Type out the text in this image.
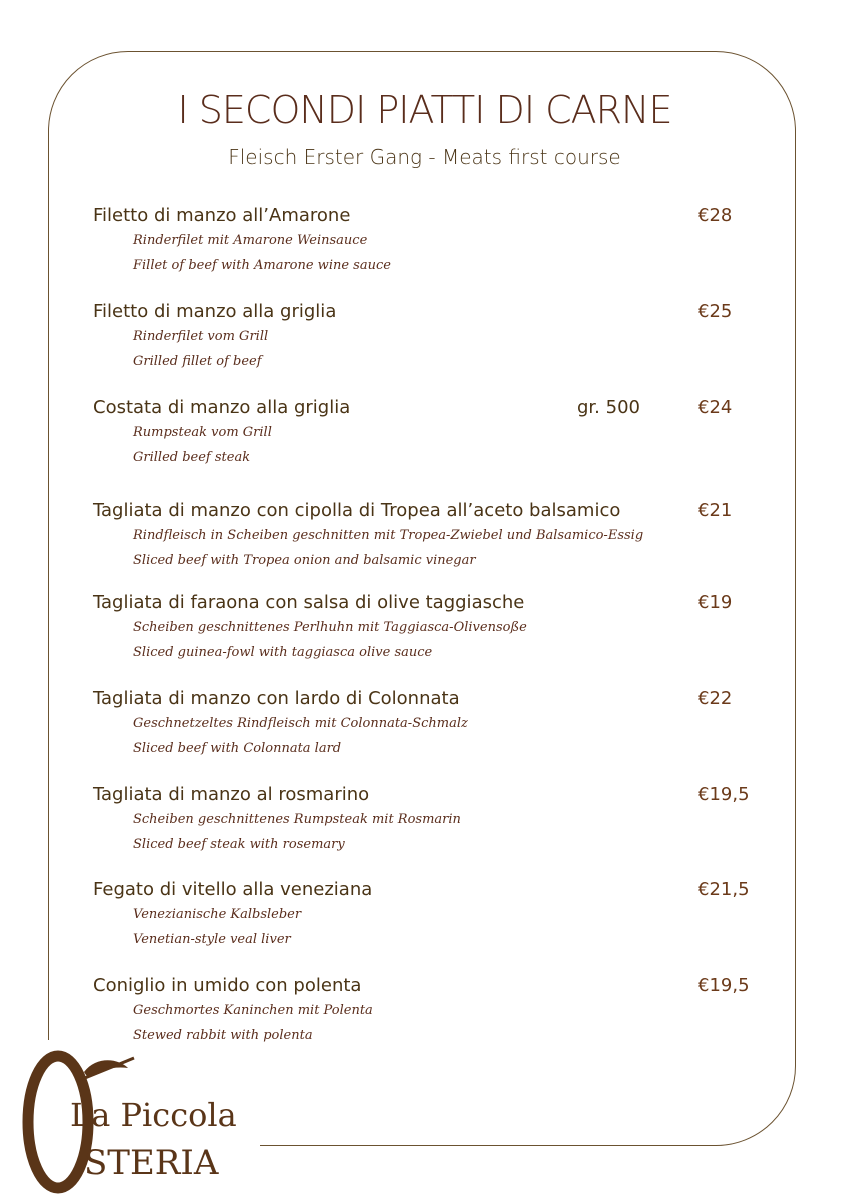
I SECONDI PIATTI DI CARNE
Fleisch Erster Gang - Meats first course
Filetto di manzo all’Amarone	€28
Rinderfilet mit Amarone Weinsauce
Fillet of beef with Amarone wine sauce
Filetto di manzo alla griglia	€25
Rinderfilet vom Grill
Grilled fillet of beef
Costata di manzo alla griglia	gr. 500	€24
Rumpsteak vom Grill
Grilled beef steak
Tagliata di manzo con cipolla di Tropea all’aceto balsamico	€21
Rindfleisch in Scheiben geschnitten mit Tropea-Zwiebel und Balsamico-Essig
Sliced beef with Tropea onion and balsamic vinegar
Tagliata di faraona con salsa di olive taggiasche	€19
Scheiben geschnittenes Perlhuhn mit Taggiasca-Olivensoße
Sliced guinea-fowl with taggiasca olive sauce
Tagliata di manzo con lardo di Colonnata	€22
Geschnetzeltes Rindfleisch mit Colonnata-Schmalz
Sliced beef with Colonnata lard
Tagliata di manzo al rosmarino	€19,5
Scheiben geschnittenes Rumpsteak mit Rosmarin
Sliced beef steak with rosemary
Fegato di vitello alla veneziana	€21,5
Venezianische Kalbsleber
Venetian-style veal liver
Coniglio in umido con polenta	€19,5
Geschmortes Kaninchen mit Polenta
Stewed rabbit with polenta
La Piccola
STERIA
